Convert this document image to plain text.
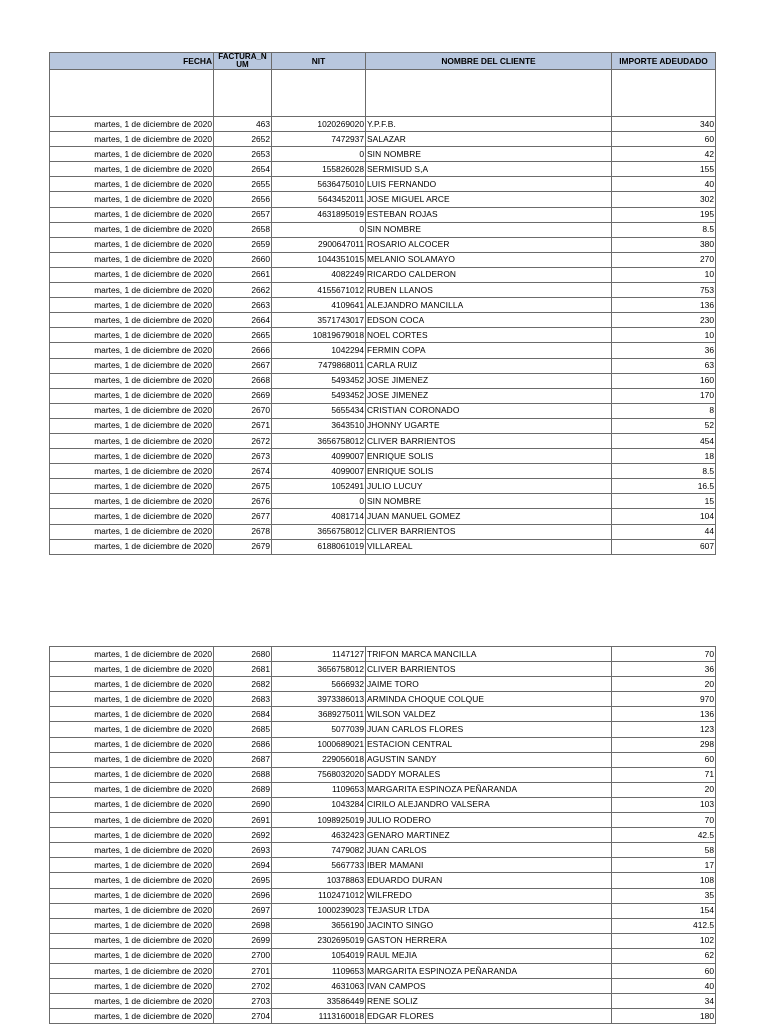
FECHA	FACTURA_N UM	NIT	NOMBRE DEL CLIENTE	IMPORTE ADEUDADO

martes, 1 de diciembre de 2020	463	1020269020	Y.P.F.B.	340
martes, 1 de diciembre de 2020	2652	7472937	SALAZAR	60
martes, 1 de diciembre de 2020	2653	0	SIN NOMBRE	42
martes, 1 de diciembre de 2020	2654	155826028	SERMISUD S,A	155
martes, 1 de diciembre de 2020	2655	5636475010	LUIS FERNANDO	40
martes, 1 de diciembre de 2020	2656	5643452011	JOSE MIGUEL ARCE	302
martes, 1 de diciembre de 2020	2657	4631895019	ESTEBAN ROJAS	195
martes, 1 de diciembre de 2020	2658	0	SIN NOMBRE	8.5
martes, 1 de diciembre de 2020	2659	2900647011	ROSARIO ALCOCER	380
martes, 1 de diciembre de 2020	2660	1044351015	MELANIO SOLAMAYO	270
martes, 1 de diciembre de 2020	2661	4082249	RICARDO CALDERON	10
martes, 1 de diciembre de 2020	2662	4155671012	RUBEN LLANOS	753
martes, 1 de diciembre de 2020	2663	4109641	ALEJANDRO MANCILLA	136
martes, 1 de diciembre de 2020	2664	3571743017	EDSON COCA	230
martes, 1 de diciembre de 2020	2665	10819679018	NOEL CORTES	10
martes, 1 de diciembre de 2020	2666	1042294	FERMIN COPA	36
martes, 1 de diciembre de 2020	2667	7479868011	CARLA RUIZ	63
martes, 1 de diciembre de 2020	2668	5493452	JOSE JIMENEZ	160
martes, 1 de diciembre de 2020	2669	5493452	JOSE JIMENEZ	170
martes, 1 de diciembre de 2020	2670	5655434	CRISTIAN CORONADO	8
martes, 1 de diciembre de 2020	2671	3643510	JHONNY UGARTE	52
martes, 1 de diciembre de 2020	2672	3656758012	CLIVER BARRIENTOS	454
martes, 1 de diciembre de 2020	2673	4099007	ENRIQUE SOLIS	18
martes, 1 de diciembre de 2020	2674	4099007	ENRIQUE SOLIS	8.5
martes, 1 de diciembre de 2020	2675	1052491	JULIO LUCUY	16.5
martes, 1 de diciembre de 2020	2676	0	SIN NOMBRE	15
martes, 1 de diciembre de 2020	2677	4081714	JUAN MANUEL GOMEZ	104
martes, 1 de diciembre de 2020	2678	3656758012	CLIVER BARRIENTOS	44
martes, 1 de diciembre de 2020	2679	6188061019	VILLAREAL	607
martes, 1 de diciembre de 2020	2680	1147127	TRIFON MARCA MANCILLA	70
martes, 1 de diciembre de 2020	2681	3656758012	CLIVER BARRIENTOS	36
martes, 1 de diciembre de 2020	2682	5666932	JAIME TORO	20
martes, 1 de diciembre de 2020	2683	3973386013	ARMINDA CHOQUE COLQUE	970
martes, 1 de diciembre de 2020	2684	3689275011	WILSON VALDEZ	136
martes, 1 de diciembre de 2020	2685	5077039	JUAN CARLOS FLORES	123
martes, 1 de diciembre de 2020	2686	1000689021	ESTACION CENTRAL	298
martes, 1 de diciembre de 2020	2687	229056018	AGUSTIN SANDY	60
martes, 1 de diciembre de 2020	2688	7568032020	SADDY MORALES	71
martes, 1 de diciembre de 2020	2689	1109653	MARGARITA ESPINOZA PEÑARANDA	20
martes, 1 de diciembre de 2020	2690	1043284	CIRILO ALEJANDRO VALSERA	103
martes, 1 de diciembre de 2020	2691	1098925019	JULIO RODERO	70
martes, 1 de diciembre de 2020	2692	4632423	GENARO MARTINEZ	42.5
martes, 1 de diciembre de 2020	2693	7479082	JUAN CARLOS	58
martes, 1 de diciembre de 2020	2694	5667733	IBER MAMANI	17
martes, 1 de diciembre de 2020	2695	10378863	EDUARDO DURAN	108
martes, 1 de diciembre de 2020	2696	1102471012	WILFREDO	35
martes, 1 de diciembre de 2020	2697	1000239023	TEJASUR LTDA	154
martes, 1 de diciembre de 2020	2698	3656190	JACINTO SINGO	412.5
martes, 1 de diciembre de 2020	2699	2302695019	GASTON HERRERA	102
martes, 1 de diciembre de 2020	2700	1054019	RAUL MEJIA	62
martes, 1 de diciembre de 2020	2701	1109653	MARGARITA ESPINOZA PEÑARANDA	60
martes, 1 de diciembre de 2020	2702	4631063	IVAN CAMPOS	40
martes, 1 de diciembre de 2020	2703	33586449	RENE SOLIZ	34
martes, 1 de diciembre de 2020	2704	1113160018	EDGAR FLORES	180
